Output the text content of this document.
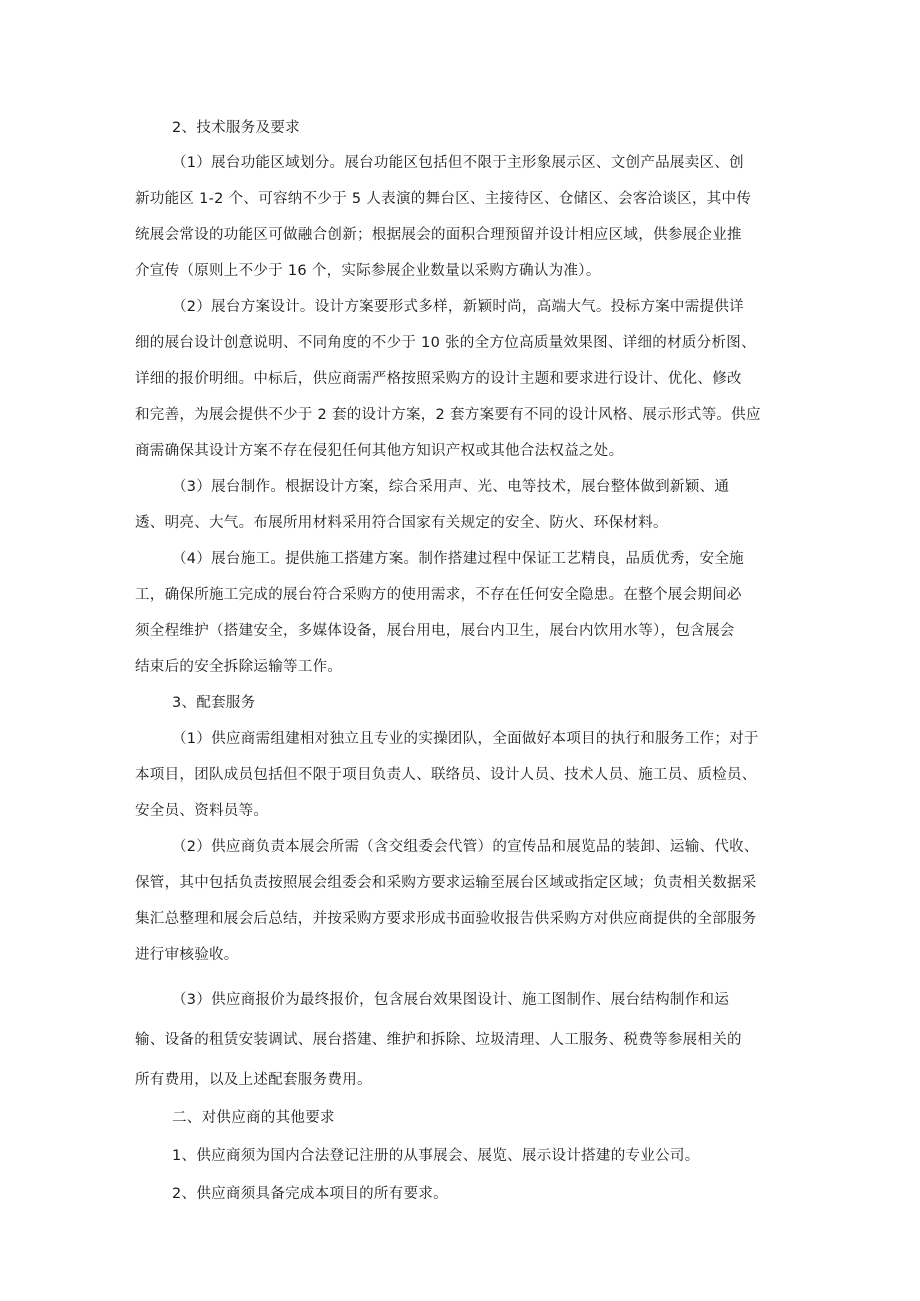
2、技术服务及要求
（1）展台功能区域划分。展台功能区包括但不限于主形象展示区、文创产品展卖区、创
新功能区 1-2 个、可容纳不少于 5 人表演的舞台区、主接待区、仓储区、会客洽谈区，其中传
统展会常设的功能区可做融合创新；根据展会的面积合理预留并设计相应区域，供参展企业推
介宣传（原则上不少于 16 个，实际参展企业数量以采购方确认为准）。
（2）展台方案设计。设计方案要形式多样，新颖时尚，高端大气。投标方案中需提供详
细的展台设计创意说明、不同角度的不少于 10 张的全方位高质量效果图、详细的材质分析图、
详细的报价明细。中标后，供应商需严格按照采购方的设计主题和要求进行设计、优化、修改
和完善，为展会提供不少于 2 套的设计方案，2 套方案要有不同的设计风格、展示形式等。供应
商需确保其设计方案不存在侵犯任何其他方知识产权或其他合法权益之处。
（3）展台制作。根据设计方案，综合采用声、光、电等技术，展台整体做到新颖、通
透、明亮、大气。布展所用材料采用符合国家有关规定的安全、防火、环保材料。
（4）展台施工。提供施工搭建方案。制作搭建过程中保证工艺精良，品质优秀，安全施
工，确保所施工完成的展台符合采购方的使用需求，不存在任何安全隐患。在整个展会期间必
须全程维护（搭建安全，多媒体设备，展台用电，展台内卫生，展台内饮用水等），包含展会
结束后的安全拆除运输等工作。
3、配套服务
（1）供应商需组建相对独立且专业的实操团队，全面做好本项目的执行和服务工作；对于
本项目，团队成员包括但不限于项目负责人、联络员、设计人员、技术人员、施工员、质检员、
安全员、资料员等。
（2）供应商负责本展会所需（含交组委会代管）的宣传品和展览品的装卸、运输、代收、
保管，其中包括负责按照展会组委会和采购方要求运输至展台区域或指定区域；负责相关数据采
集汇总整理和展会后总结，并按采购方要求形成书面验收报告供采购方对供应商提供的全部服务
进行审核验收。
（3）供应商报价为最终报价，包含展台效果图设计、施工图制作、展台结构制作和运
输、设备的租赁安装调试、展台搭建、维护和拆除、垃圾清理、人工服务、税费等参展相关的
所有费用，以及上述配套服务费用。
二、对供应商的其他要求
1、供应商须为国内合法登记注册的从事展会、展览、展示设计搭建的专业公司。
2、供应商须具备完成本项目的所有要求。
